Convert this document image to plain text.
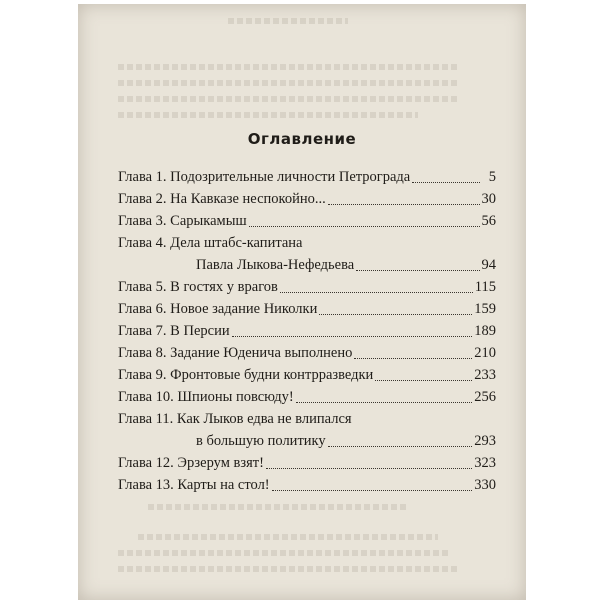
Оглавление
Глава 1. Подозрительные личности Петрограда	5
Глава 2. На Кавказе неспокойно...	30
Глава 3. Сарыкамыш	56
Глава 4. Дела штабс-капитана
Павла Лыкова-Нефедьева	94
Глава 5. В гостях у врагов	115
Глава 6. Новое задание Николки	159
Глава 7. В Персии	189
Глава 8. Задание Юденича выполнено	210
Глава 9. Фронтовые будни контрразведки	233
Глава 10. Шпионы повсюду!	256
Глава 11. Как Лыков едва не влипался
в большую политику	293
Глава 12. Эрзерум взят!	323
Глава 13. Карты на стол!	330
